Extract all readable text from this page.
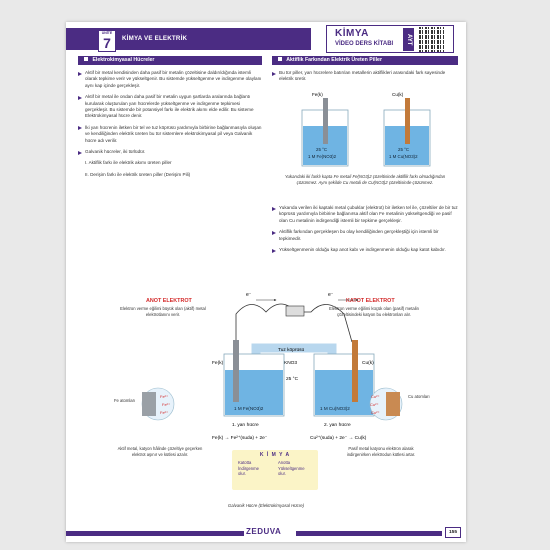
ÜNİTE
7	KİMYA VE ELEKTRİK	KİMYA
VİDEO DERS KİTABI	AYT
Elektrokimyasal Hücreler
Aktif bir metal kendisinden daha pasif bir metalin çözeltisine daldırıldığında istemli olarak tepkime verir ve yükseltgenir. Bu sistemde yükseltgenme ve indirgenme olaylanı aynı kap içinde gerçekleşir.
Aktif bir metal ile ondan daha pasif bir metalin uygun şartlarda aralarında bağlantı kurularak oluşturulan yarı hücrelerde yükseltgenme ve indirgenme tepkimesi gerçekleşir. Bu sistemde bir potansiyel farkı ile elektrik akımı elde edilir. Bu sisteme Elektrokimyasal hücre denir.
İki yarı hücrenin iletken bir tel ve tuz köprüsü yardımıyla birbirine bağlanmasıyla oluşan ve kendiliğinden elektrik üreten bu tür sistemlere elektrokimyasal pil veya Galvanik hücre adı verilir.
Galvanik hücreler, iki türlüdür.
I. Aktiflik farkı ile elektrik akımı üreten piller
II. Derişim farkı ile elektrik üreten piller (Derişim Pili)
Aktiflik Farkından Elektrik Üreten Piller
Bu tür piller, yarı hücrelere batırılan metallerin aktiflikleri arasındaki fark sayesinde elektrik üretir.
Fe(k)
25 °C
1 M Fe(NO3)2
Cu(k)
25 °C
1 M Cu(NO3)2
Yukarıdaki iki farklı kapta Fe metali Fe(NO3)2 çözeltisinde aktiflik farkı olmadığından çözünmez. Aynı şekilde Cu metali de Cu(NO3)2 çözeltisinde çözünmez.
Yukarıda verilen iki kaptaki metal çubuklar (elektrot) bir iletken tel ile, çözeltiler de bir tuz köprüsü yardımıyla birbirine bağlanırsa aktif olan Fe metalinin yükseltgendiği ve pasif olan Cu metalinin indirgendiği istemli bir tepkime gerçekleşir.
Aktiflik farkından gerçekleşen bu olay kendiliğinden gerçekleştiği için istemli bir tepkimedir.
Yükseltgenmenin olduğu kap anot kabı ve indirgenmenin olduğu kap katot kabıdır.
ANOT ELEKTROT
Elektron verme eğilimi büyük olan (aktif) metal elektrotlanını verir.
KATOT ELEKTROT
Elektron verme eğilimi küçük olan (pasif) metalin çözeltisindeki katyon bu elektronları alır.
e⁻	e⁻
Tuz köprüsü
KNO3
25 °C
Fe(k)
1 M Fe(NO3)2
Cu(k)
1 M Cu(NO3)2
1. yarı hücre	2. yarı hücre
Fe(k) → Fe²⁺(suda) + 2e⁻	Cu²⁺(suda) + 2e⁻ → Cu(k)
Fe²⁺
Fe²⁺
Fe²⁺
Cu²⁺
Cu²⁺
Cu²⁺
Fe atomları
Cu atomları
Aktif metal, katyon hâlinde çözeltiye geçerken elektrot aşınır ve kütlesi azalır.
Pasif metal katyonu elektron alarak indirgenirken elektrodun kütlesi artar.
K İ M Y A
Katotta
İndirgenme
olur.
Anotta
Yükseltgenme
olur.
Galvanik Hücre (Elektrokimyasal Hücre)
ZEDUVA	155
